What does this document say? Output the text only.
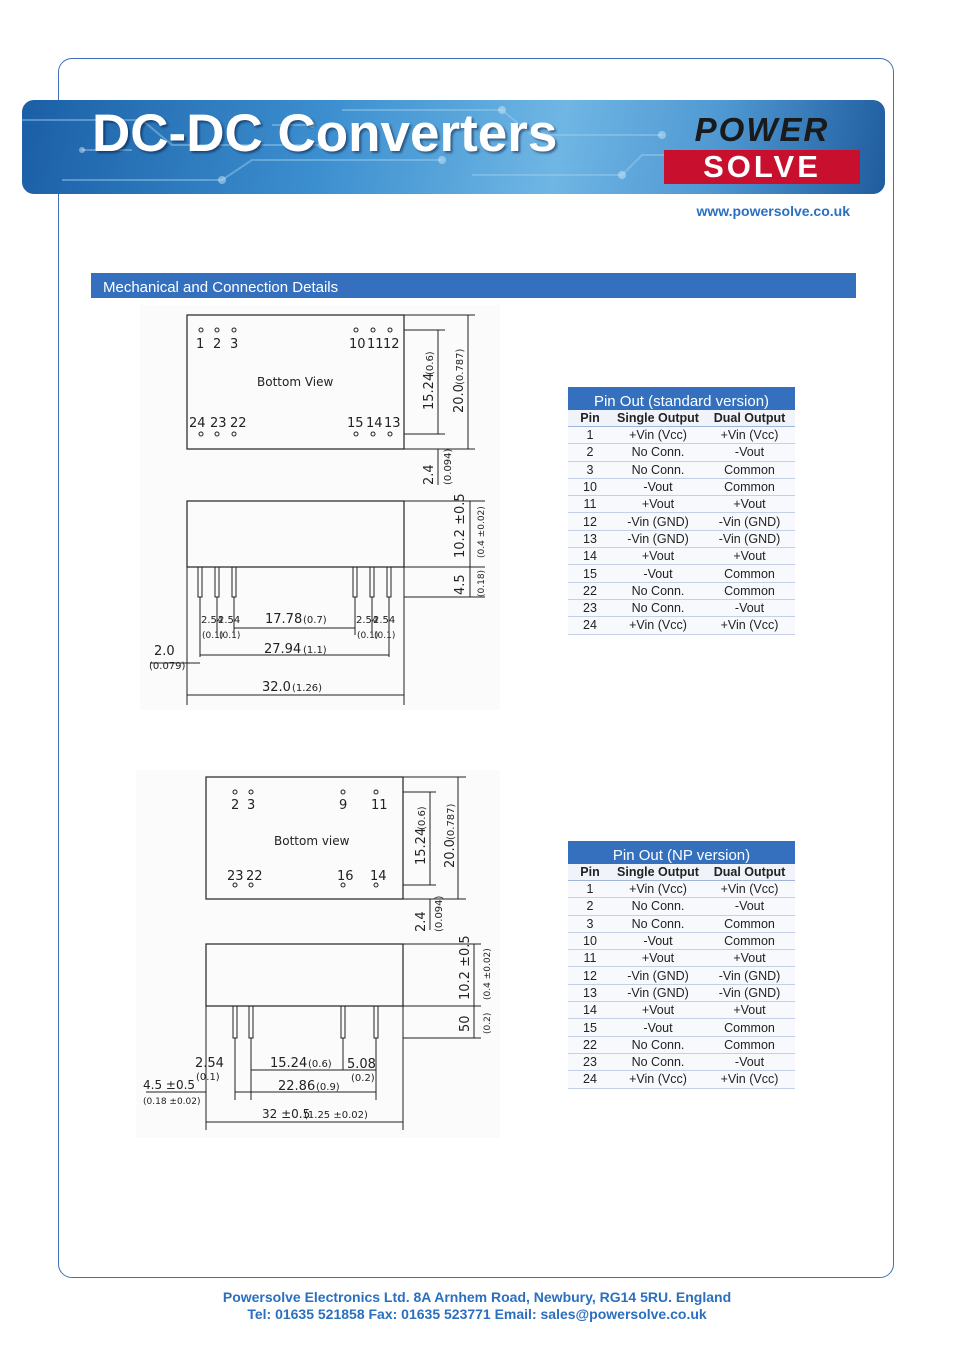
DC-DC Converters	POWER
SOLVE
www.powersolve.co.uk
Mechanical and Connection Details
1 2 3	10 11 12
24 23 22	15 14 13
Bottom View	15.24
(0.6)
20.0
(0.787)
2.4 (0.094)
10.2 ±0.5 (0.4 ±0.02)
4.5 (0.18)
2.54
2.54
(0.1)
(0.1)
2.54
2.54
(0.1)
(0.1)
17.78 (0.7)
27.94 (1.1)
2.0
(0.079)
32.0 (1.26)
2 3	9 11
23 22	16 14
Bottom view	15.24
(0.6)
20.0
(0.787)
2.4 (0.094)
10.2 ±0.5 (0.4 ±0.02)
50 (0.2)
2.54
(0.1)
15.24 (0.6) 5.08
(0.2)
4.5 ±0.5
(0.18 ±0.02)
22.86 (0.9)
32 ±0.5
(1.25 ±0.02)
Pin Out (standard version)
Pin	Single Output	Dual Output
1	+Vin (Vcc)	+Vin (Vcc)
2	No Conn.	-Vout
3	No Conn.	Common
10	-Vout	Common
11	+Vout	+Vout
12	-Vin (GND)	-Vin (GND)
13	-Vin (GND)	-Vin (GND)
14	+Vout	+Vout
15	-Vout	Common
22	No Conn.	Common
23	No Conn.	-Vout
24	+Vin (Vcc)	+Vin (Vcc)
Pin Out (NP version)
Pin	Single Output	Dual Output
1	+Vin (Vcc)	+Vin (Vcc)
2	No Conn.	-Vout
3	No Conn.	Common
10	-Vout	Common
11	+Vout	+Vout
12	-Vin (GND)	-Vin (GND)
13	-Vin (GND)	-Vin (GND)
14	+Vout	+Vout
15	-Vout	Common
22	No Conn.	Common
23	No Conn.	-Vout
24	+Vin (Vcc)	+Vin (Vcc)
Powersolve Electronics Ltd. 8A Arnhem Road, Newbury, RG14 5RU. England
Tel: 01635 521858 Fax: 01635 523771 Email: sales@powersolve.co.uk
